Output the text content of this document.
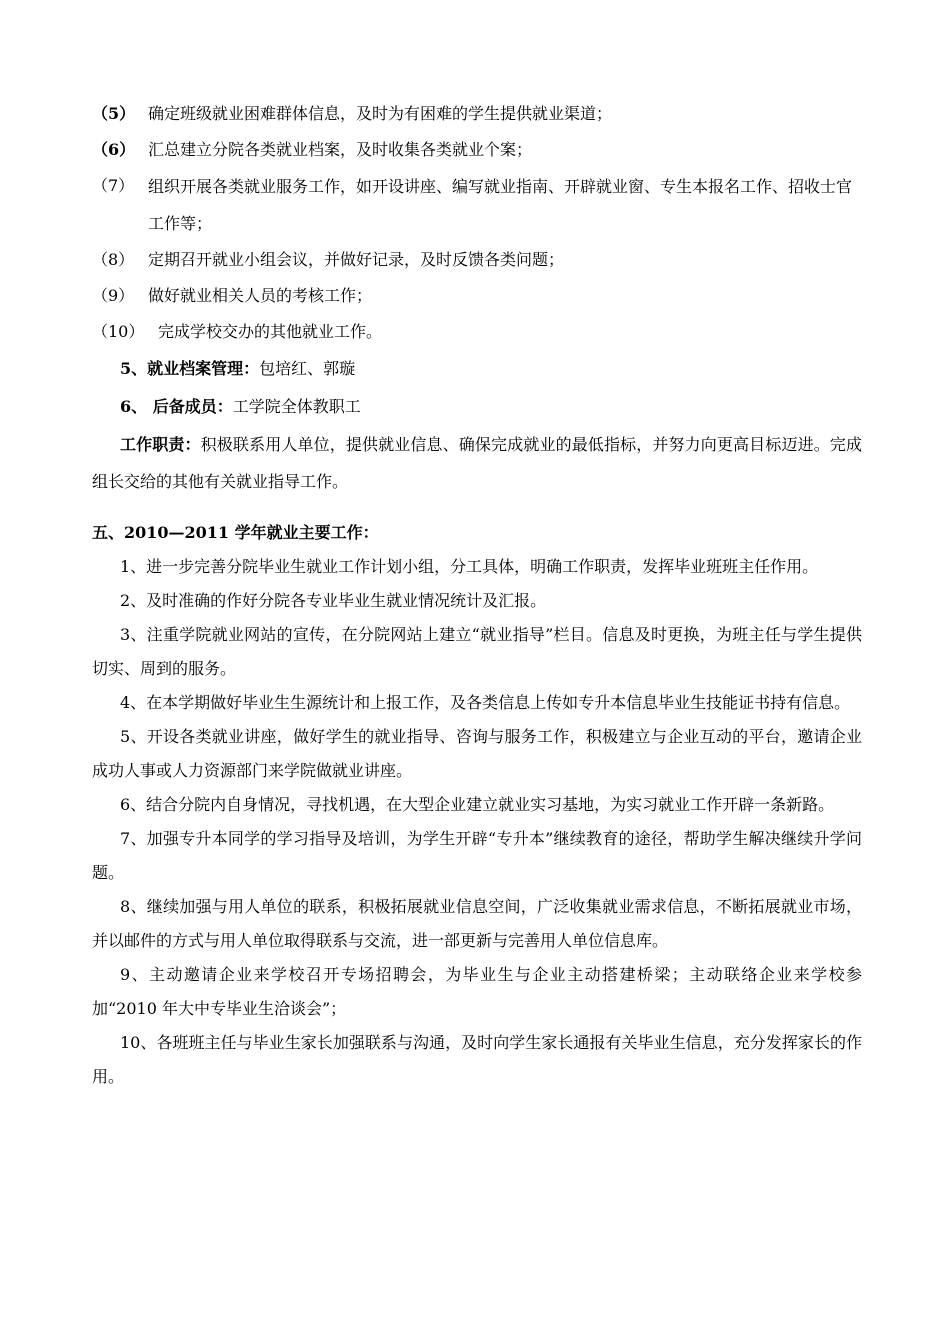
（5） 确定班级就业困难群体信息，及时为有困难的学生提供就业渠道；
（6） 汇总建立分院各类就业档案，及时收集各类就业个案；
（7） 组织开展各类就业服务工作，如开设讲座、编写就业指南、开辟就业窗、专生本报名工作、招收士官工作等；
（8） 定期召开就业小组会议，并做好记录，及时反馈各类问题；
（9） 做好就业相关人员的考核工作；
（10） 完成学校交办的其他就业工作。
5、就业档案管理：包培红、郭璇
6、 后备成员：工学院全体教职工
工作职责：积极联系用人单位，提供就业信息、确保完成就业的最低指标，并努力向更高目标迈进。完成组长交给的其他有关就业指导工作。
五、2010—2011 学年就业主要工作：
1、进一步完善分院毕业生就业工作计划小组，分工具体，明确工作职责，发挥毕业班班主任作用。
2、及时准确的作好分院各专业毕业生就业情况统计及汇报。
3、注重学院就业网站的宣传，在分院网站上建立“就业指导”栏目。信息及时更换，为班主任与学生提供切实、周到的服务。
4、在本学期做好毕业生生源统计和上报工作，及各类信息上传如专升本信息毕业生技能证书持有信息。
5、开设各类就业讲座，做好学生的就业指导、咨询与服务工作，积极建立与企业互动的平台，邀请企业成功人事或人力资源部门来学院做就业讲座。
6、结合分院内自身情况，寻找机遇，在大型企业建立就业实习基地，为实习就业工作开辟一条新路。
7、加强专升本同学的学习指导及培训，为学生开辟“专升本”继续教育的途径，帮助学生解决继续升学问题。
8、继续加强与用人单位的联系，积极拓展就业信息空间，广泛收集就业需求信息，不断拓展就业市场，并以邮件的方式与用人单位取得联系与交流，进一部更新与完善用人单位信息库。
9、主动邀请企业来学校召开专场招聘会，为毕业生与企业主动搭建桥梁；主动联络企业来学校参加“2010 年大中专毕业生洽谈会”；
10、各班班主任与毕业生家长加强联系与沟通，及时向学生家长通报有关毕业生信息，充分发挥家长的作用。
